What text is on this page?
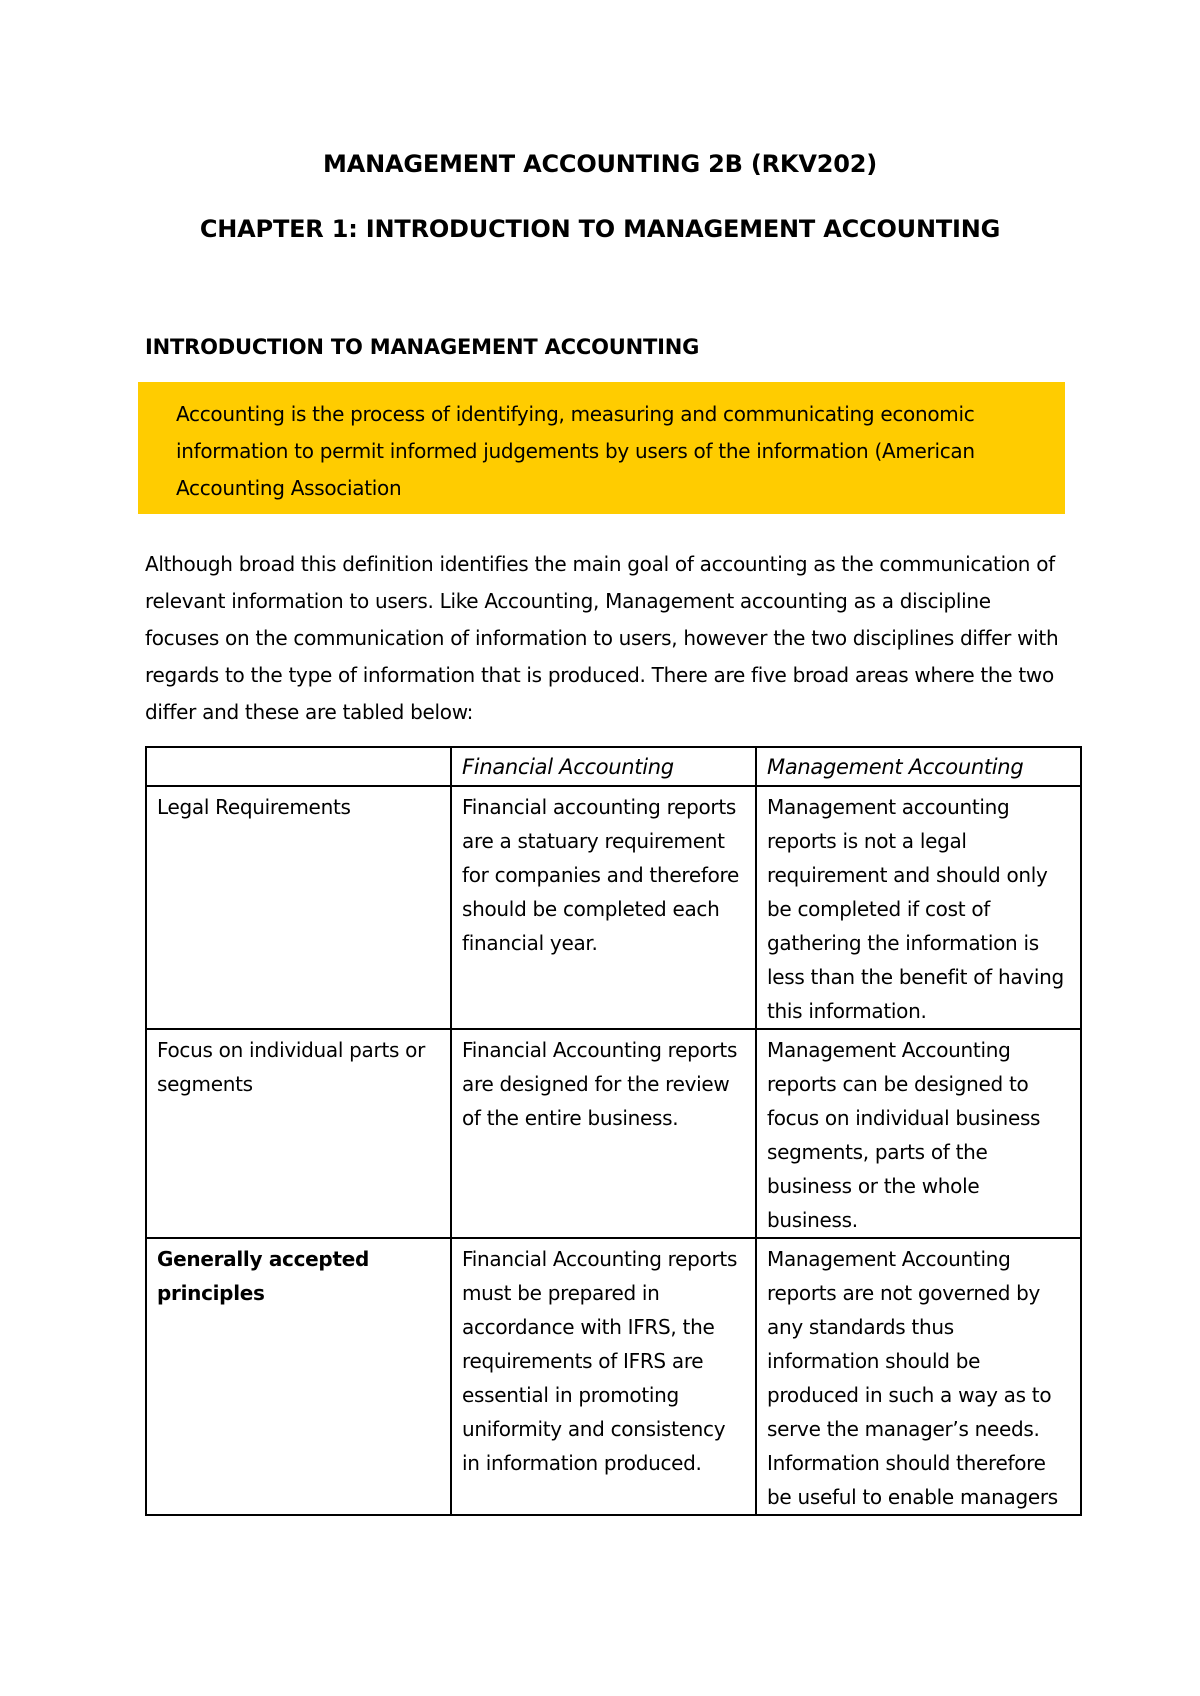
MANAGEMENT ACCOUNTING 2B (RKV202)
CHAPTER 1: INTRODUCTION TO MANAGEMENT ACCOUNTING
INTRODUCTION TO MANAGEMENT ACCOUNTING
Accounting is the process of identifying, measuring and communicating economic information to permit informed judgements by users of the information (American Accounting Association

Although broad this definition identifies the main goal of accounting as the communication of relevant information to users. Like Accounting, Management accounting as a discipline focuses on the communication of information to users, however the two disciplines differ with regards to the type of information that is produced. There are five broad areas where the two differ and these are tabled below:

	Financial Accounting	Management Accounting
Legal Requirements	Financial accounting reports are a statuary requirement for companies and therefore should be completed each financial year.	Management accounting reports is not a legal requirement and should only be completed if cost of gathering the information is less than the benefit of having this information.
Focus on individual parts or segments	Financial Accounting reports are designed for the review of the entire business.	Management Accounting reports can be designed to focus on individual business segments, parts of the business or the whole business.
Generally accepted principles	Financial Accounting reports must be prepared in accordance with IFRS, the requirements of IFRS are essential in promoting uniformity and consistency in information produced.	Management Accounting reports are not governed by any standards thus information should be produced in such a way as to serve the manager’s needs. Information should therefore be useful to enable managers
